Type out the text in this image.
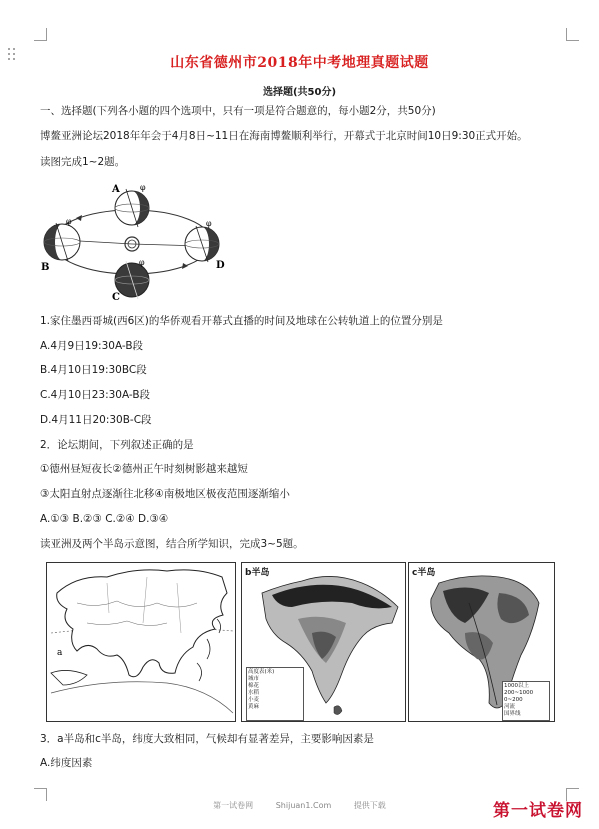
山东省德州市2018年中考地理真题试题
选择题(共50分)
一、选择题(下列各小题的四个选项中，只有一项是符合题意的，每小题2分，共50分)
博鳌亚洲论坛2018年年会于4月8日~11日在海南博鳌顺利举行，开幕式于北京时间10日9:30正式开始。
读图完成1~2题。
A
B
C
D
φ
φ
φ
φ
1.家住墨西哥城(西6区)的华侨观看开幕式直播的时间及地球在公转轨道上的位置分别是
A.4月9日19:30A-B段
B.4月10日19:30BC段
C.4月10日23:30A-B段
D.4月11日20:30B-C段
2．论坛期间，下列叙述正确的是
①德州昼短夜长②德州正午时刻树影越来越短
③太阳直射点逐渐往北移④南极地区极夜范围逐渐缩小
A.①③ B.②③ C.②④ D.③④
读亚洲及两个半岛示意图，结合所学知识，完成3~5题。
a
b半岛
高度表(米)
城市
棉花
水稻
小麦
黄麻
c半岛
1000以上
200~1000
0~200
河流
国界线
3．a半岛和c半岛，纬度大致相同，气候却有显著差异，主要影响因素是
A.纬度因素
第一试卷网	Shijuan1.Com	提供下载	第一试卷网
